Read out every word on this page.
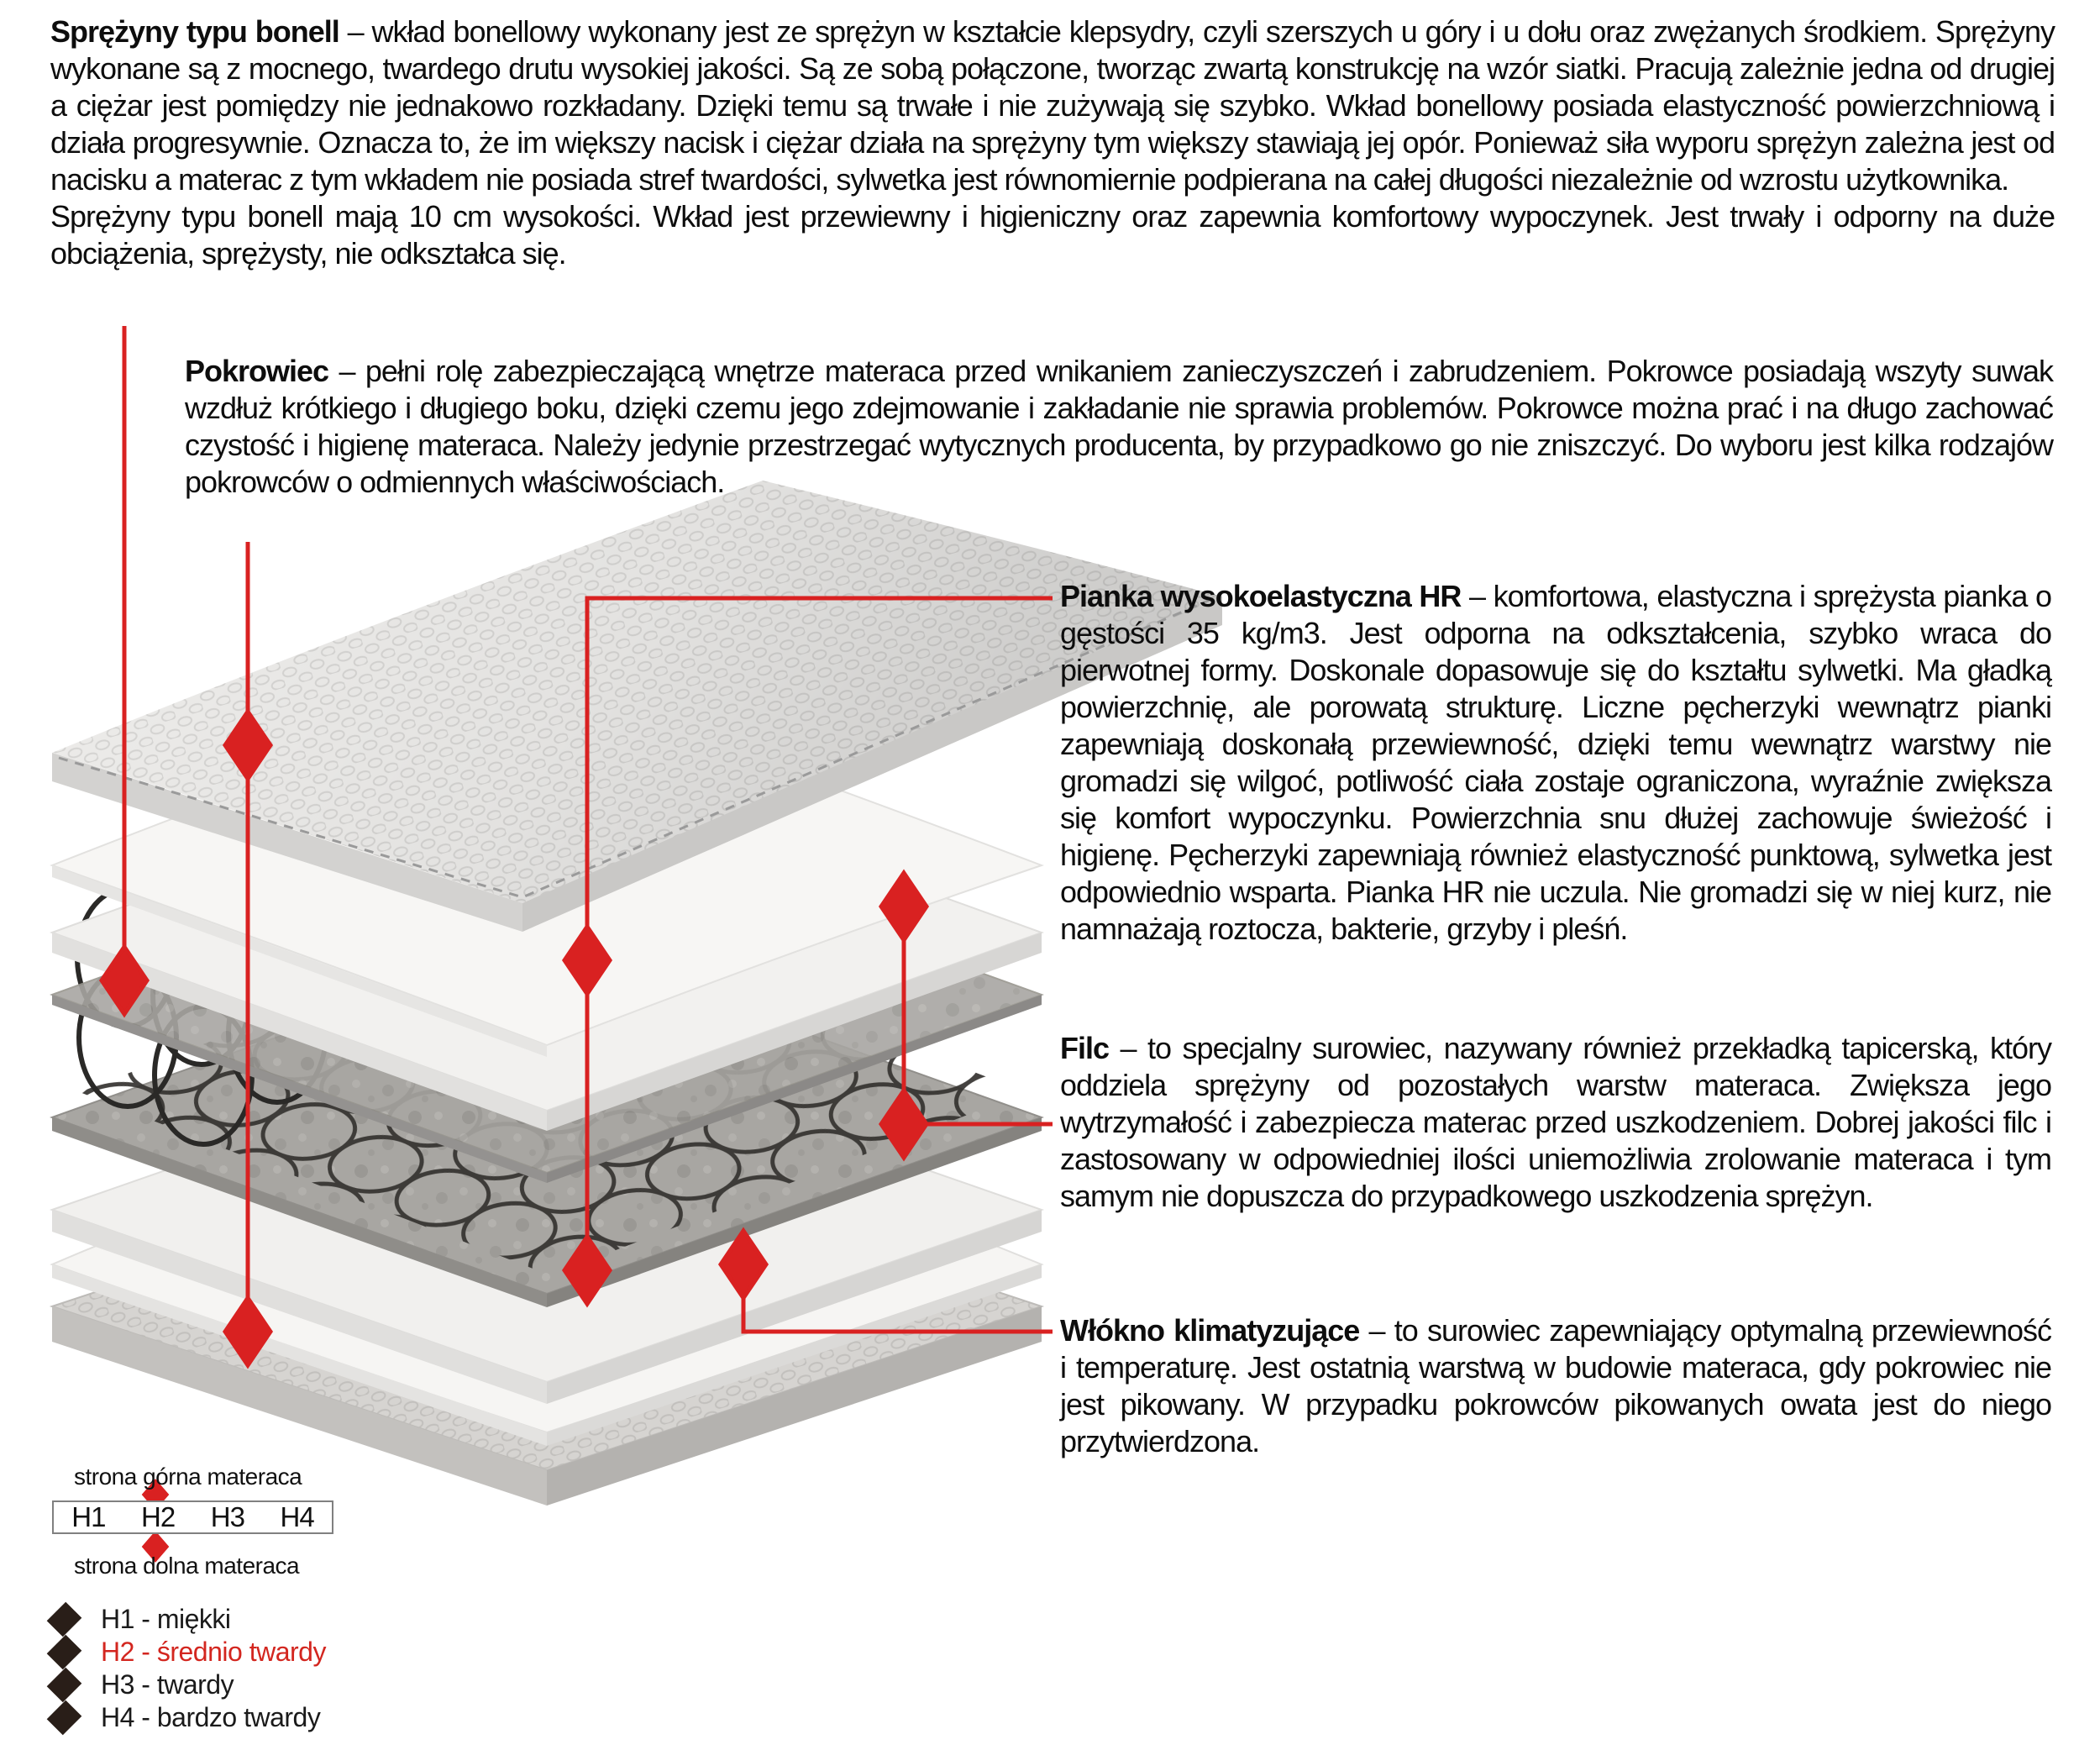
Sprężyny typu bonell – wkład bonellowy wykonany jest ze sprężyn w kształcie klepsydry, czyli szerszych u góry i u dołu oraz zwężanych środkiem. Sprężyny wykonane są z mocnego, twardego drutu wysokiej jakości. Są ze sobą połączone, tworząc zwartą konstrukcję na wzór siatki. Pracują zależnie jedna od drugiej a ciężar jest pomiędzy nie jednakowo rozkładany. Dzięki temu są trwałe i nie zużywają się szybko. Wkład bonellowy posiada elastyczność powierzchniową i działa progresywnie. Oznacza to, że im większy nacisk i ciężar działa na sprężyny tym większy stawiają jej opór. Ponieważ siła wyporu sprężyn zależna jest od nacisku a materac z tym wkładem nie posiada stref twardości, sylwetka jest równomiernie podpierana na całej długości niezależnie od wzrostu użytkownika.
Sprężyny typu bonell mają 10 cm wysokości. Wkład jest przewiewny i higieniczny oraz zapewnia komfortowy wypoczynek. Jest trwały i odporny na duże obciążenia, sprężysty, nie odkształca się.
Pokrowiec – pełni rolę zabezpieczającą wnętrze materaca przed wnikaniem zanieczyszczeń i zabrudzeniem. Pokrowce posiadają wszyty suwak wzdłuż krótkiego i długiego boku, dzięki czemu jego zdejmowanie i zakładanie nie sprawia problemów. Pokrowce można prać i na długo zachować czystość i higienę materaca. Należy jedynie przestrzegać wytycznych producenta, by przypadkowo go nie zniszczyć. Do wyboru jest kilka rodzajów pokrowców o odmiennych właściwościach.
Pianka wysokoelastyczna HR – komfortowa, elastyczna i sprężysta pianka o gęstości 35 kg/m3. Jest odporna na odkształcenia, szybko wraca do pierwotnej formy. Doskonale dopasowuje się do kształtu sylwetki. Ma gładką powierzchnię, ale porowatą strukturę. Liczne pęcherzyki wewnątrz pianki zapewniają doskonałą przewiewność, dzięki temu wewnątrz warstwy nie gromadzi się wilgoć, potliwość ciała zostaje ograniczona, wyraźnie zwiększa się komfort wypoczynku. Powierzchnia snu dłużej zachowuje świeżość i higienę. Pęcherzyki zapewniają również elastyczność punktową, sylwetka jest odpowiednio wsparta. Pianka HR nie uczula. Nie gromadzi się w niej kurz, nie namnażają roztocza, bakterie, grzyby i pleśń.
Filc – to specjalny surowiec, nazywany również przekładką tapicerską, który oddziela sprężyny od pozostałych warstw materaca. Zwiększa jego wytrzymałość i zabezpiecza materac przed uszkodzeniem. Dobrej jakości filc i zastosowany w odpowiedniej ilości uniemożliwia zrolowanie materaca i tym samym nie dopuszcza do przypadkowego uszkodzenia sprężyn.
Włókno klimatyzujące – to surowiec zapewniający optymalną przewiewność i temperaturę. Jest ostatnią warstwą w budowie materaca, gdy pokrowiec nie jest pikowany. W przypadku pokrowców pikowanych owata jest do niego przytwierdzona.
strona górna materaca
H1	H2	H3	H4
strona dolna materaca
H1 - miękki
H2 - średnio twardy
H3 - twardy
H4 - bardzo twardy
